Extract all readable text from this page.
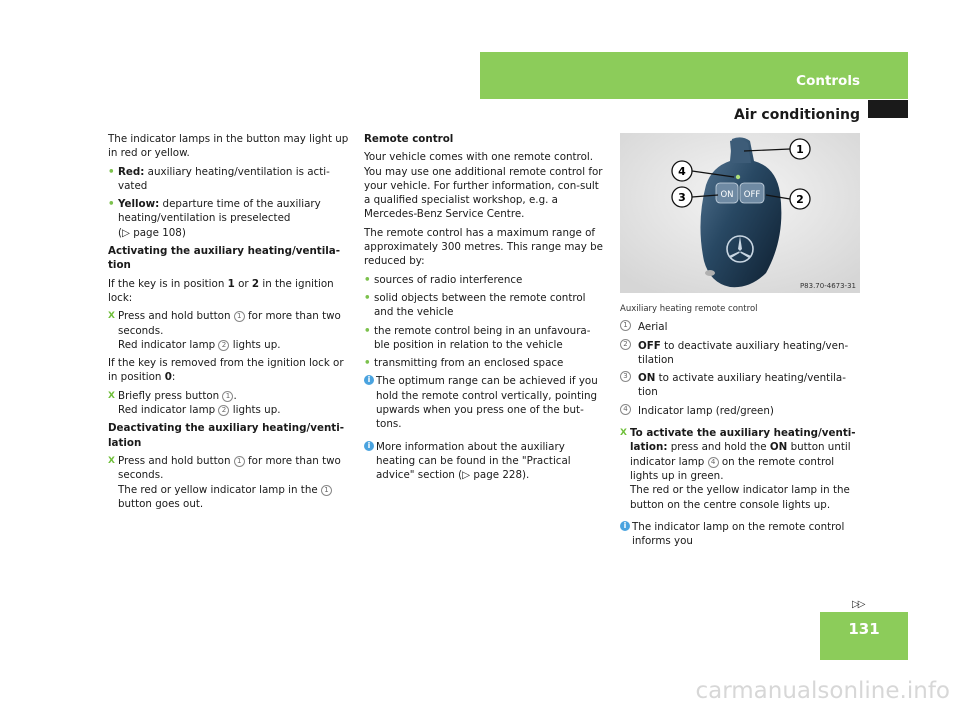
Controls
Air conditioning

The indicator lamps in the button may light up in red or yellow.

• Red: auxiliary heating/ventilation is acti-vated
• Yellow: departure time of the auxiliary heating/ventilation is preselected
(▷ page 108)

Activating the auxiliary heating/ventila-tion

If the key is in position 1 or 2 in the ignition lock:

X Press and hold button 1 for more than two seconds.
Red indicator lamp 2 lights up.

If the key is removed from the ignition lock or in position 0:

X Briefly press button 1 .
Red indicator lamp 2 lights up.

Deactivating the auxiliary heating/venti-lation

X Press and hold button 1 for more than two seconds.
The red or yellow indicator lamp in the 1 button goes out.

Remote control

Your vehicle comes with one remote control. You may use one additional remote control for your vehicle. For further information, con-sult a qualified specialist workshop, e.g. a Mercedes-Benz Service Centre.

The remote control has a maximum range of approximately 300 metres. This range may be reduced by:

• sources of radio interference
• solid objects between the remote control and the vehicle
• the remote control being in an unfavoura-ble position in relation to the vehicle
• transmitting from an enclosed space
i The optimum range can be achieved if you hold the remote control vertically, pointing upwards when you press one of the but-tons.
i More information about the auxiliary heating can be found in the "Practical advice" section (▷ page 228).
ON OFF
1
2
3
4
P83.70-4673-31
Auxiliary heating remote control
1 Aerial
2 OFF to deactivate auxiliary heating/ven-tilation
3 ON to activate auxiliary heating/ventila-tion
4 Indicator lamp (red/green)
X To activate the auxiliary heating/venti-lation: press and hold the ON button until indicator lamp 4 on the remote control lights up in green.
The red or the yellow indicator lamp in the button on the centre console lights up.
i The indicator lamp on the remote control informs you
▷▷
131
carmanualsonline.info
